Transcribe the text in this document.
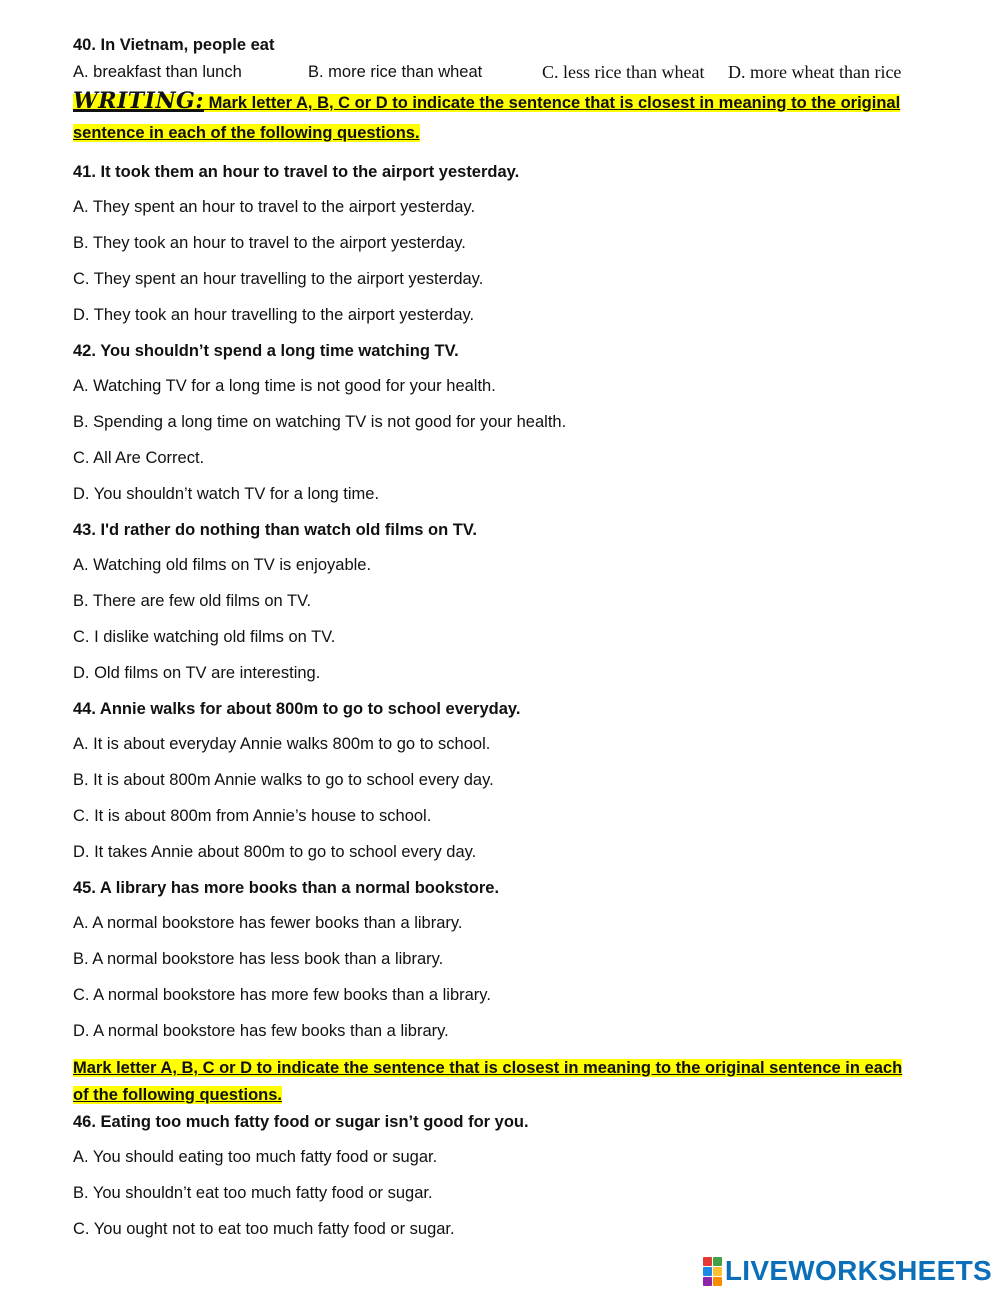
40. In Vietnam, people eat
A. breakfast than lunch	B. more rice than wheat	C. less rice than wheat	D. more wheat than rice
WRITING: Mark letter A, B, C or D to indicate the sentence that is closest in meaning to the original
sentence in each of the following questions.
41. It took them an hour to travel to the airport yesterday.
A. They spent an hour to travel to the airport yesterday.
B. They took an hour to travel to the airport yesterday.
C. They spent an hour travelling to the airport yesterday.
D. They took an hour travelling to the airport yesterday.
42. You shouldn’t spend a long time watching TV.
A. Watching TV for a long time is not good for your health.
B. Spending a long time on watching TV is not good for your health.
C. All Are Correct.
D. You shouldn’t watch TV for a long time.
43. I'd rather do nothing than watch old films on TV.
A. Watching old films on TV is enjoyable.
B. There are few old films on TV.
C. I dislike watching old films on TV.
D. Old films on TV are interesting.
44. Annie walks for about 800m to go to school everyday.
A. It is about everyday Annie walks 800m to go to school.
B. It is about 800m Annie walks to go to school every day.
C. It is about 800m from Annie’s house to school.
D. It takes Annie about 800m to go to school every day.
45. A library has more books than a normal bookstore.
A. A normal bookstore has fewer books than a library.
B. A normal bookstore has less book than a library.
C. A normal bookstore has more few books than a library.
D. A normal bookstore has few books than a library.
Mark letter A, B, C or D to indicate the sentence that is closest in meaning to the original sentence in each
of the following questions.
46. Eating too much fatty food or sugar isn’t good for you.
A. You should eating too much fatty food or sugar.
B. You shouldn’t eat too much fatty food or sugar.
C. You ought not to eat too much fatty food or sugar.
LIVEWORKSHEETS
